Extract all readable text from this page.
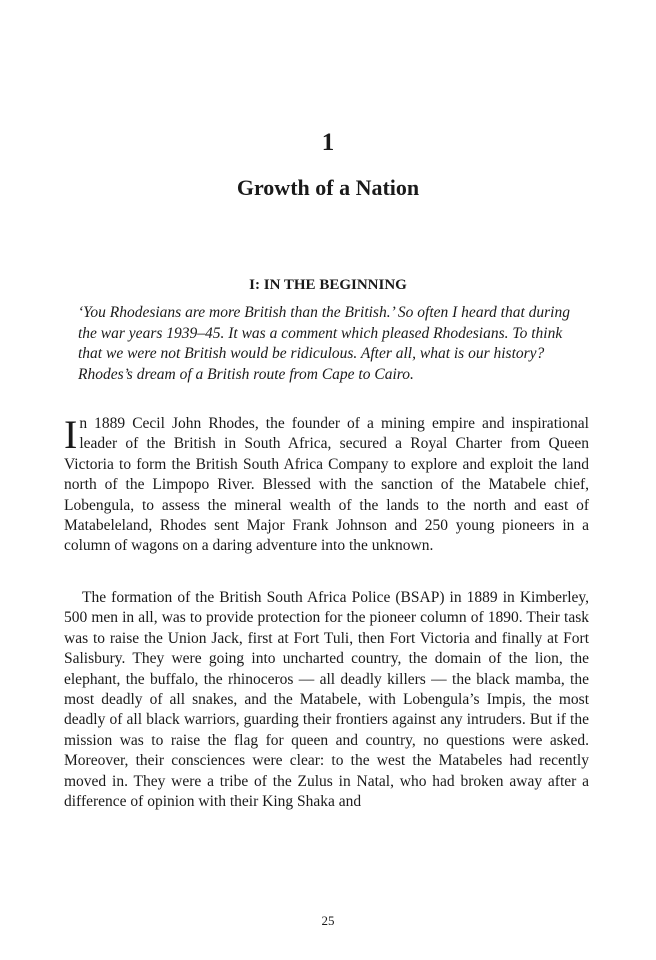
1
Growth of a Nation
I: IN THE BEGINNING
‘You Rhodesians are more British than the British.’ So often I heard that during the war years 1939–45. It was a comment which pleased Rhodesians. To think that we were not British would be ridiculous. After all, what is our history? Rhodes’s dream of a British route from Cape to Cairo.
In 1889 Cecil John Rhodes, the founder of a mining empire and inspirational leader of the British in South Africa, secured a Royal Charter from Queen Victoria to form the British South Africa Company to explore and exploit the land north of the Limpopo River. Blessed with the sanction of the Matabele chief, Lobengula, to assess the mineral wealth of the lands to the north and east of Matabeleland, Rhodes sent Major Frank Johnson and 250 young pioneers in a column of wagons on a daring adventure into the unknown.
The formation of the British South Africa Police (BSAP) in 1889 in Kimberley, 500 men in all, was to provide protection for the pioneer column of 1890. Their task was to raise the Union Jack, first at Fort Tuli, then Fort Victoria and finally at Fort Salisbury. They were going into uncharted country, the domain of the lion, the elephant, the buffalo, the rhinoceros — all deadly killers — the black mamba, the most deadly of all snakes, and the Matabele, with Lobengula’s Impis, the most deadly of all black warriors, guarding their frontiers against any intruders. But if the mission was to raise the flag for queen and country, no questions were asked. Moreover, their consciences were clear: to the west the Matabeles had recently moved in. They were a tribe of the Zulus in Natal, who had broken away after a difference of opinion with their King Shaka and
25
